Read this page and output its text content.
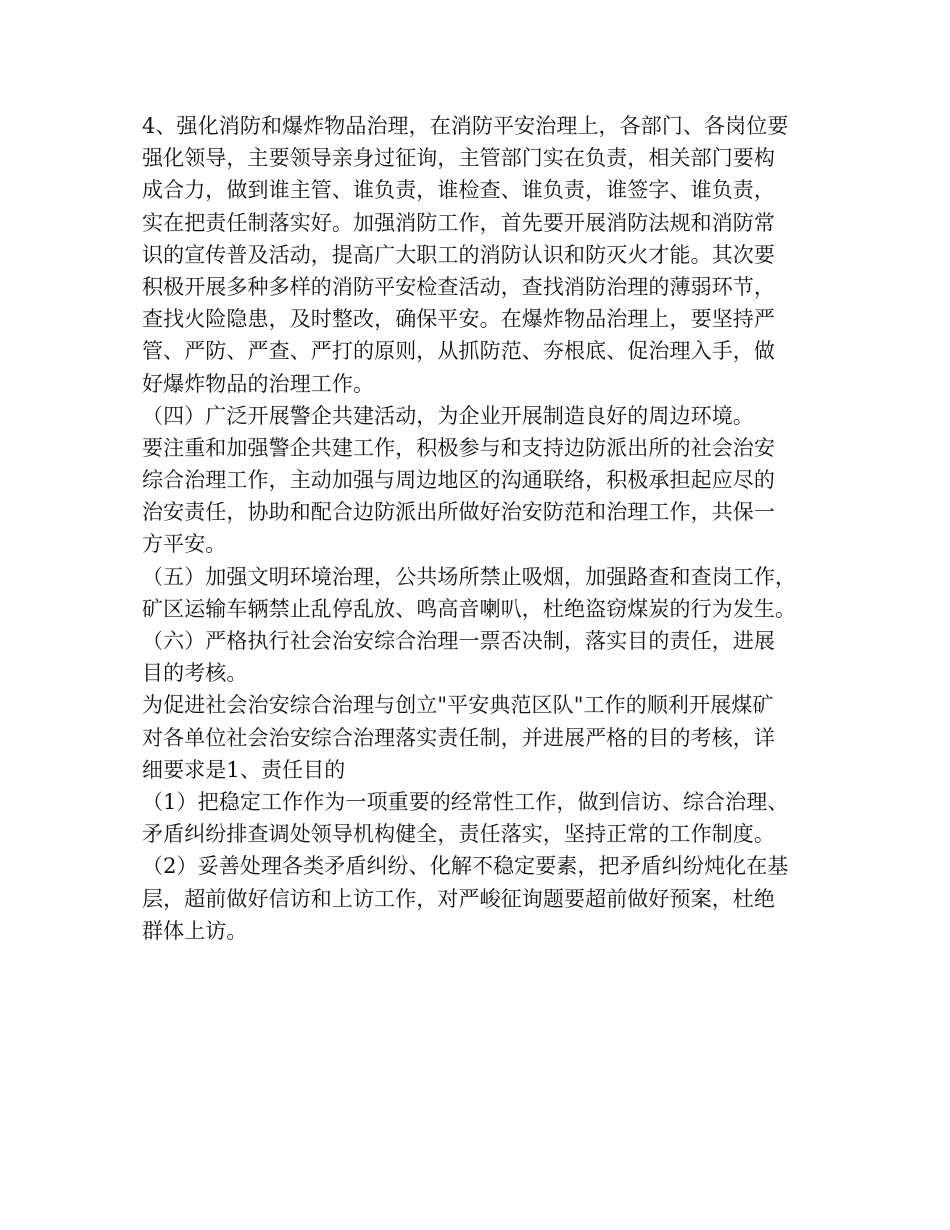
4、强化消防和爆炸物品治理，在消防平安治理上，各部门、各岗位要
强化领导，主要领导亲身过征询，主管部门实在负责，相关部门要构
成合力，做到谁主管、谁负责，谁检查、谁负责，谁签字、谁负责，
实在把责任制落实好。加强消防工作，首先要开展消防法规和消防常
识的宣传普及活动，提高广大职工的消防认识和防灭火才能。其次要
积极开展多种多样的消防平安检查活动，查找消防治理的薄弱环节，
查找火险隐患，及时整改，确保平安。在爆炸物品治理上，要坚持严
管、严防、严查、严打的原则，从抓防范、夯根底、促治理入手，做
好爆炸物品的治理工作。
（四）广泛开展警企共建活动，为企业开展制造良好的周边环境。
要注重和加强警企共建工作，积极参与和支持边防派出所的社会治安
综合治理工作，主动加强与周边地区的沟通联络，积极承担起应尽的
治安责任，协助和配合边防派出所做好治安防范和治理工作，共保一
方平安。
（五）加强文明环境治理，公共场所禁止吸烟，加强路查和查岗工作，
矿区运输车辆禁止乱停乱放、鸣高音喇叭，杜绝盗窃煤炭的行为发生。
（六）严格执行社会治安综合治理一票否决制，落实目的责任，进展
目的考核。
为促进社会治安综合治理与创立"平安典范区队"工作的顺利开展煤矿
对各单位社会治安综合治理落实责任制，并进展严格的目的考核，详
细要求是1、责任目的
（1）把稳定工作作为一项重要的经常性工作，做到信访、综合治理、
矛盾纠纷排查调处领导机构健全，责任落实，坚持正常的工作制度。
（2）妥善处理各类矛盾纠纷、化解不稳定要素，把矛盾纠纷炖化在基
层，超前做好信访和上访工作，对严峻征询题要超前做好预案，杜绝
群体上访。
